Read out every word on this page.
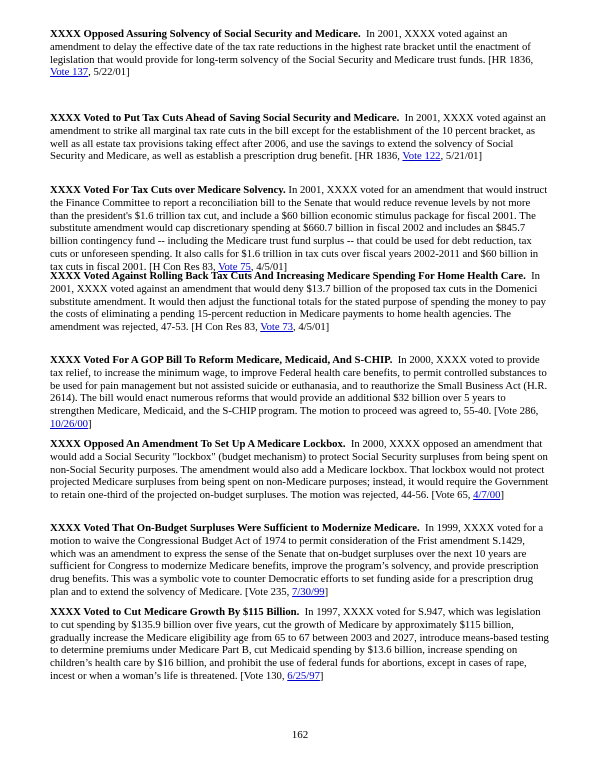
XXXX Opposed Assuring Solvency of Social Security and Medicare. In 2001, XXXX voted against an amendment to delay the effective date of the tax rate reductions in the highest rate bracket until the enactment of legislation that would provide for long-term solvency of the Social Security and Medicare trust funds. [HR 1836, Vote 137, 5/22/01]

XXXX Voted to Put Tax Cuts Ahead of Saving Social Security and Medicare. In 2001, XXXX voted against an amendment to strike all marginal tax rate cuts in the bill except for the establishment of the 10 percent bracket, as well as all estate tax provisions taking effect after 2006, and use the savings to extend the solvency of Social Security and Medicare, as well as establish a prescription drug benefit. [HR 1836, Vote 122, 5/21/01]

XXXX Voted For Tax Cuts over Medicare Solvency. In 2001, XXXX voted for an amendment that would instruct the Finance Committee to report a reconciliation bill to the Senate that would reduce revenue levels by not more than the president's $1.6 trillion tax cut, and include a $60 billion economic stimulus package for fiscal 2001. The substitute amendment would cap discretionary spending at $660.7 billion in fiscal 2002 and includes an $845.7 billion contingency fund -- including the Medicare trust fund surplus -- that could be used for debt reduction, tax cuts or unforeseen spending. It also calls for $1.6 trillion in tax cuts over fiscal years 2002-2011 and $60 billion in tax cuts in fiscal 2001. [H Con Res 83, Vote 75, 4/5/01]

XXXX Voted Against Rolling Back Tax Cuts And Increasing Medicare Spending For Home Health Care. In 2001, XXXX voted against an amendment that would deny $13.7 billion of the proposed tax cuts in the Domenici substitute amendment. It would then adjust the functional totals for the stated purpose of spending the money to pay the costs of eliminating a pending 15-percent reduction in Medicare payments to home health agencies. The amendment was rejected, 47-53. [H Con Res 83, Vote 73, 4/5/01]

XXXX Voted For A GOP Bill To Reform Medicare, Medicaid, And S-CHIP. In 2000, XXXX voted to provide tax relief, to increase the minimum wage, to improve Federal health care benefits, to permit controlled substances to be used for pain management but not assisted suicide or euthanasia, and to reauthorize the Small Business Act (H.R. 2614). The bill would enact numerous reforms that would provide an additional $32 billion over 5 years to strengthen Medicare, Medicaid, and the S-CHIP program. The motion to proceed was agreed to, 55-40. [Vote 286, 10/26/00]

XXXX Opposed An Amendment To Set Up A Medicare Lockbox. In 2000, XXXX opposed an amendment that would add a Social Security "lockbox" (budget mechanism) to protect Social Security surpluses from being spent on non-Social Security purposes. The amendment would also add a Medicare lockbox. That lockbox would not protect projected Medicare surpluses from being spent on non-Medicare purposes; instead, it would require the Government to retain one-third of the projected on-budget surpluses. The motion was rejected, 44-56. [Vote 65, 4/7/00]

XXXX Voted That On-Budget Surpluses Were Sufficient to Modernize Medicare. In 1999, XXXX voted for a motion to waive the Congressional Budget Act of 1974 to permit consideration of the Frist amendment S.1429, which was an amendment to express the sense of the Senate that on-budget surpluses over the next 10 years are sufficient for Congress to modernize Medicare benefits, improve the program’s solvency, and provide prescription drug benefits. This was a symbolic vote to counter Democratic efforts to set funding aside for a prescription drug plan and to extend the solvency of Medicare. [Vote 235, 7/30/99]

XXXX Voted to Cut Medicare Growth By $115 Billion. In 1997, XXXX voted for S.947, which was legislation to cut spending by $135.9 billion over five years, cut the growth of Medicare by approximately $115 billion, gradually increase the Medicare eligibility age from 65 to 67 between 2003 and 2027, introduce means-based testing to determine premiums under Medicare Part B, cut Medicaid spending by $13.6 billion, increase spending on children’s health care by $16 billion, and prohibit the use of federal funds for abortions, except in cases of rape, incest or when a woman’s life is threatened. [Vote 130, 6/25/97]

162
